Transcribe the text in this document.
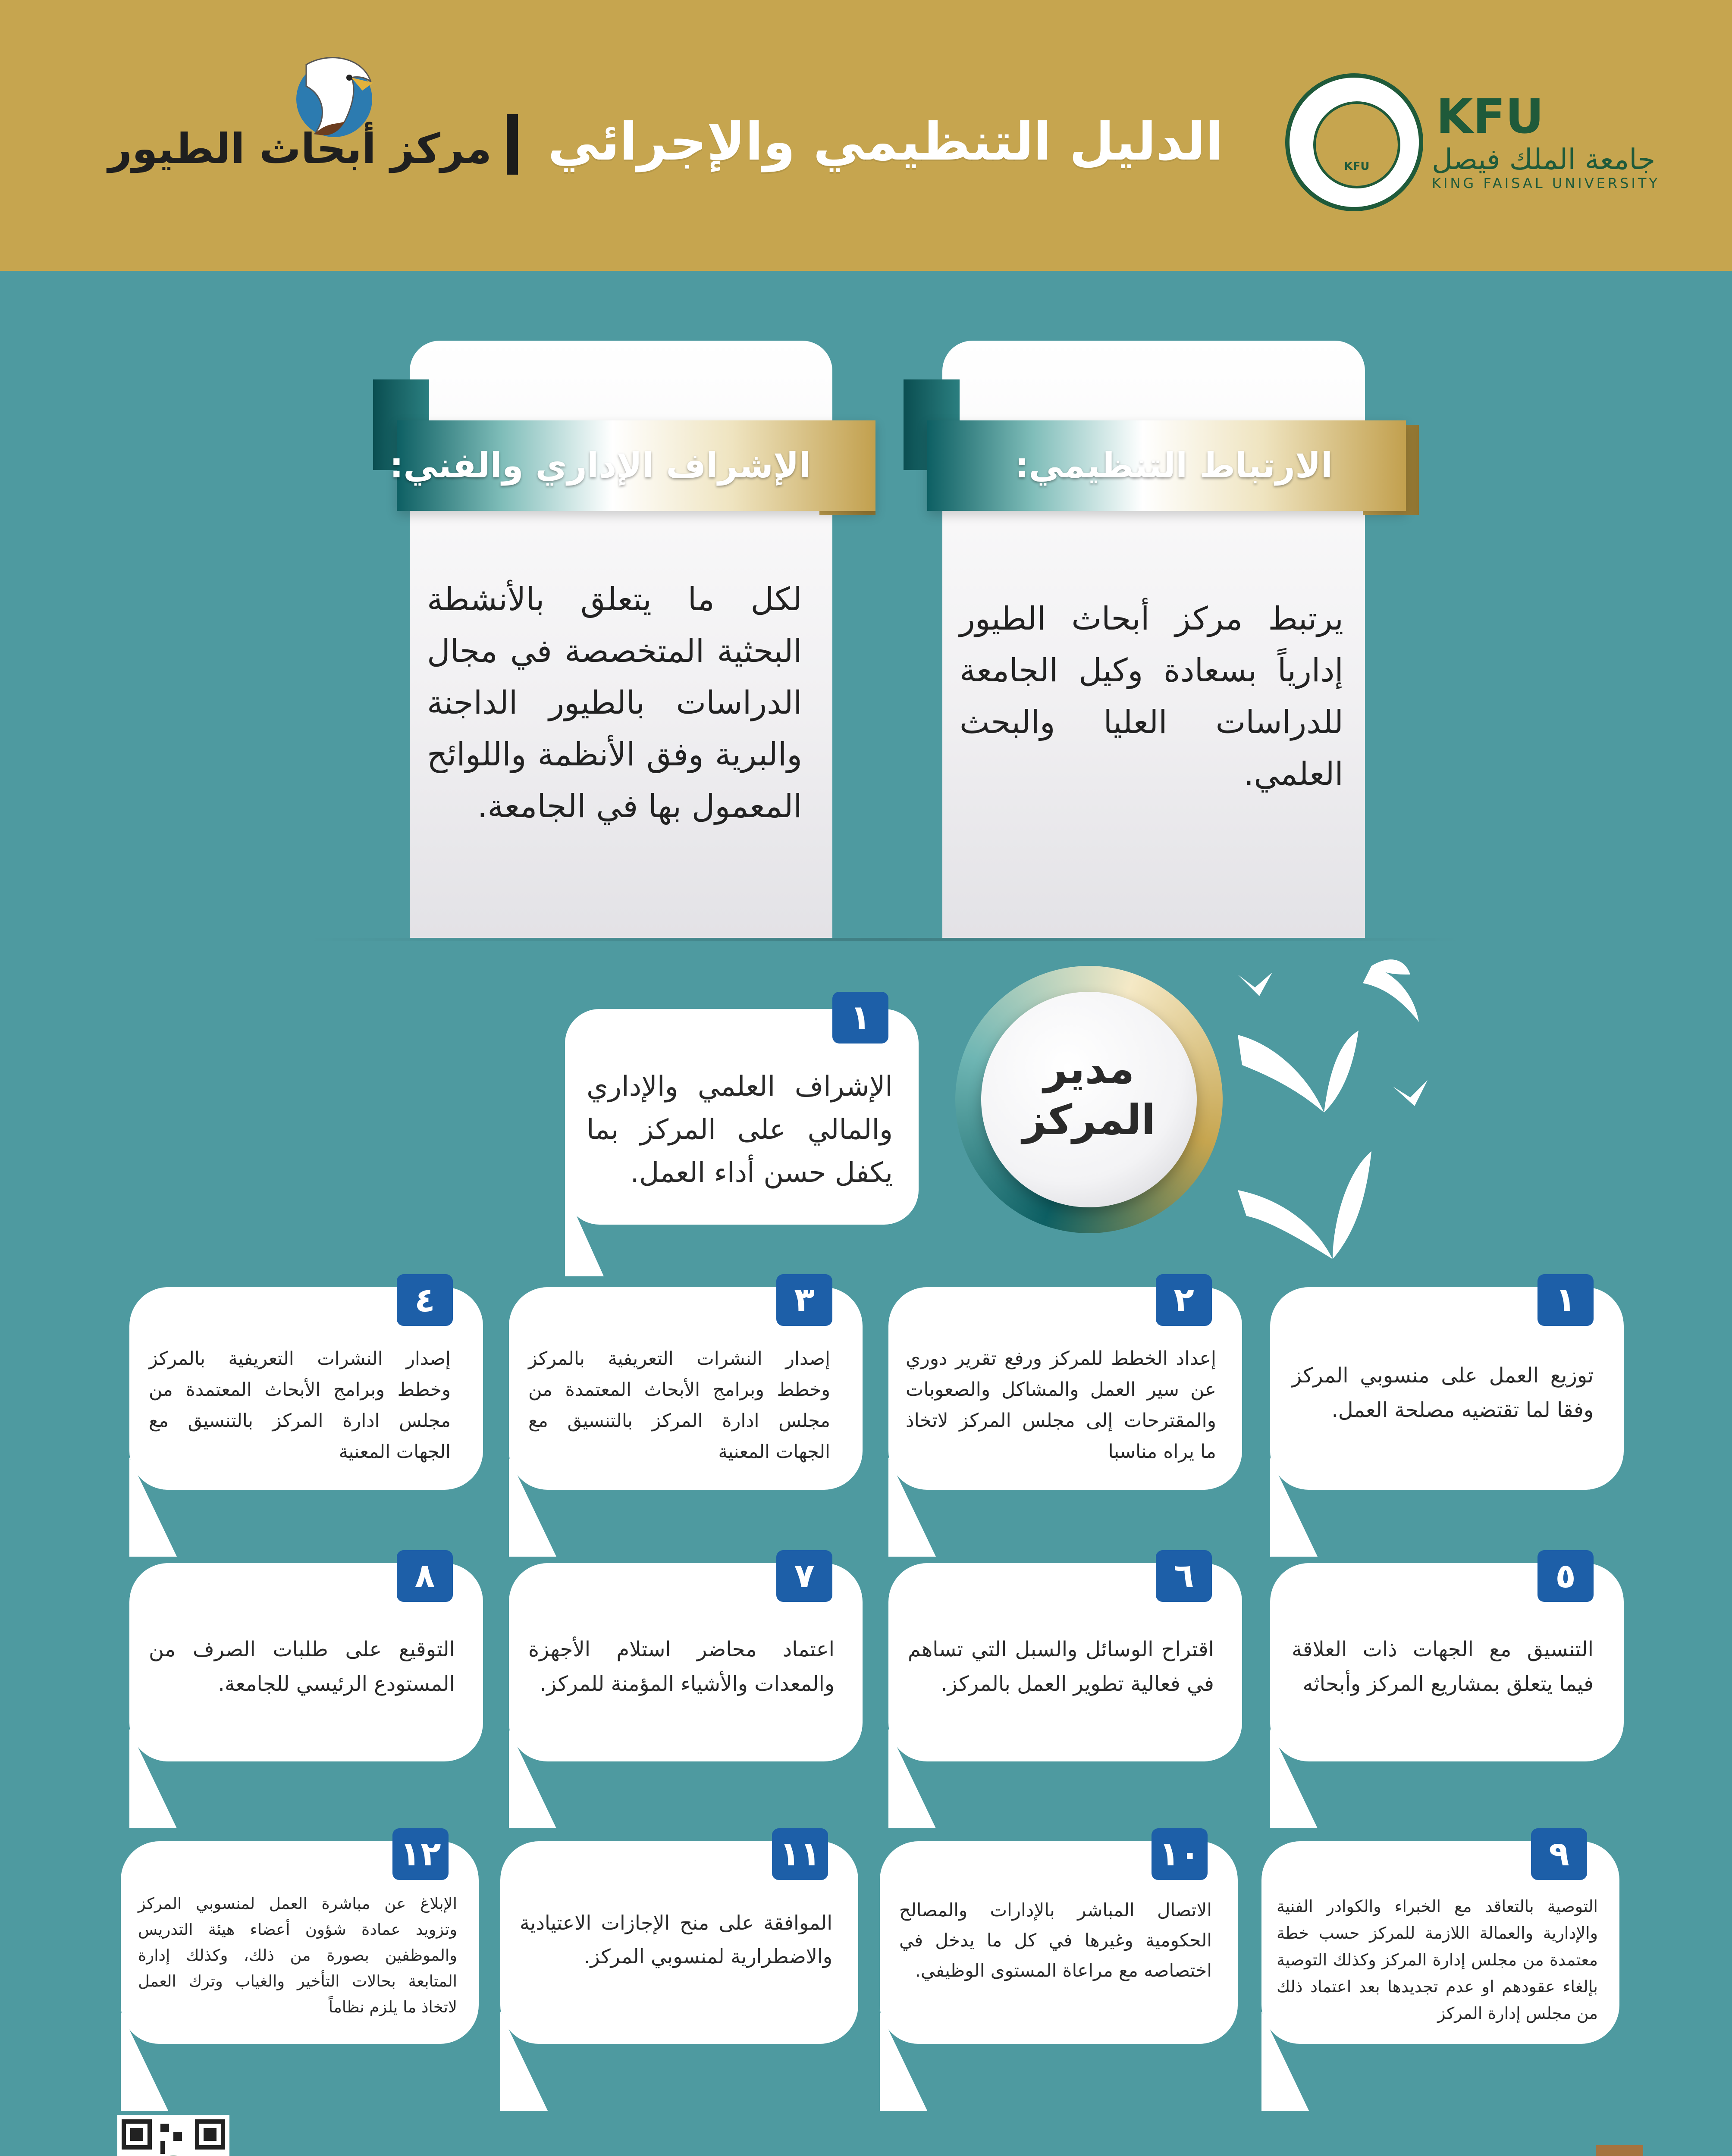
مركز أبحاث الطيور	الدليل التنظيمي والإجرائي	KFU
KFU
جامعة الملك فيصل
KING FAISAL UNIVERSITY
لكل ما يتعلق بالأنشطة البحثية المتخصصة في مجال الدراسات بالطيور الداجنة والبرية وفق الأنظمة واللوائح المعمول بها في الجامعة.
الإشراف الإداري والفني:
يرتبط مركز أبحاث الطيور إدارياً بسعادة وكيل الجامعة للدراسات العليا والبحث العلمي.
الارتباط التنظيمي:
الإشراف العلمي والإداري والمالي على المركز بما يكفل حسن أداء العمل.
١
مدير المركز
توزيع العمل على منسوبي المركز وفقا لما تقتضيه مصلحة العمل.
١
إعداد الخطط للمركز ورفع تقرير دوري عن سير العمل والمشاكل والصعوبات والمقترحات إلى مجلس المركز لاتخاذ ما يراه مناسبا
٢
إصدار النشرات التعريفية بالمركز وخطط وبرامج الأبحاث المعتمدة من مجلس ادارة المركز بالتنسيق مع الجهات المعنية
٣
إصدار النشرات التعريفية بالمركز وخطط وبرامج الأبحاث المعتمدة من مجلس ادارة المركز بالتنسيق مع الجهات المعنية
٤
التنسيق مع الجهات ذات العلاقة فيما يتعلق بمشاريع المركز وأبحاثه
٥
اقتراح الوسائل والسبل التي تساهم في فعالية تطوير العمل بالمركز.
٦
اعتماد محاضر استلام الأجهزة والمعدات والأشياء المؤمنة للمركز.
٧
التوقيع على طلبات الصرف من المستودع الرئيسي للجامعة.
٨
التوصية بالتعاقد مع الخبراء والكوادر الفنية والإدارية والعمالة اللازمة للمركز حسب خطة معتمدة من مجلس إدارة المركز وكذلك التوصية بإلغاء عقودهم او عدم تجديدها بعد اعتماد ذلك من مجلس إدارة المركز
٩
الاتصال المباشر بالإدارات والمصالح الحكومية وغيرها في كل ما يدخل في اختصاصه مع مراعاة المستوى الوظيفي.
١٠
الموافقة على منح الإجازات الاعتيادية والاضطرارية لمنسوبي المركز.
١١
الإبلاغ عن مباشرة العمل لمنسوبي المركز وتزويد عمادة شؤون أعضاء هيئة التدريس والموظفين بصورة من ذلك، وكذلك إدارة المتابعة بحالات التأخير والغياب وترك العمل لاتخاذ ما يلزم نظاماً
١٢
